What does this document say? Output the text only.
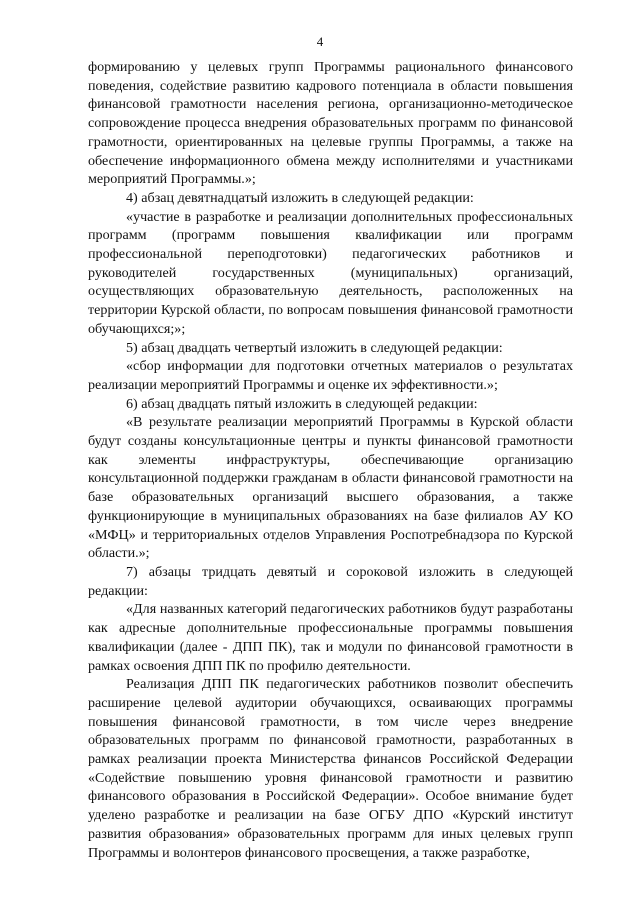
4

формированию у целевых групп Программы рационального финансового поведения, содействие развитию кадрового потенциала в области повышения финансовой грамотности населения региона, организационно-методическое сопровождение процесса внедрения образовательных программ по финансовой грамотности, ориентированных на целевые группы Программы, а также на обеспечение информационного обмена между исполнителями и участниками мероприятий Программы.»;

4) абзац девятнадцатый изложить в следующей редакции:

«участие в разработке и реализации дополнительных профессиональных программ (программ повышения квалификации или программ профессиональной переподготовки) педагогических работников и руководителей государственных (муниципальных) организаций, осуществляющих образовательную деятельность, расположенных на территории Курской области, по вопросам повышения финансовой грамотности обучающихся;»;

5) абзац двадцать четвертый изложить в следующей редакции:

«сбор информации для подготовки отчетных материалов о результатах реализации мероприятий Программы и оценке их эффективности.»;

6) абзац двадцать пятый изложить в следующей редакции:

«В результате реализации мероприятий Программы в Курской области будут созданы консультационные центры и пункты финансовой грамотности как элементы инфраструктуры, обеспечивающие организацию консультационной поддержки гражданам в области финансовой грамотности на базе образовательных организаций высшего образования, а также функционирующие в муниципальных образованиях на базе филиалов АУ КО «МФЦ» и территориальных отделов Управления Роспотребнадзора по Курской области.»;

7) абзацы тридцать девятый и сороковой изложить в следующей редакции:

«Для названных категорий педагогических работников будут разработаны как адресные дополнительные профессиональные программы повышения квалификации (далее - ДПП ПК), так и модули по финансовой грамотности в рамках освоения ДПП ПК по профилю деятельности.

Реализация ДПП ПК педагогических работников позволит обеспечить расширение целевой аудитории обучающихся, осваивающих программы повышения финансовой грамотности, в том числе через внедрение образовательных программ по финансовой грамотности, разработанных в рамках реализации проекта Министерства финансов Российской Федерации «Содействие повышению уровня финансовой грамотности и развитию финансового образования в Российской Федерации». Особое внимание будет уделено разработке и реализации на базе ОГБУ ДПО «Курский институт развития образования» образовательных программ для иных целевых групп Программы и волонтеров финансового просвещения, а также разработке,
